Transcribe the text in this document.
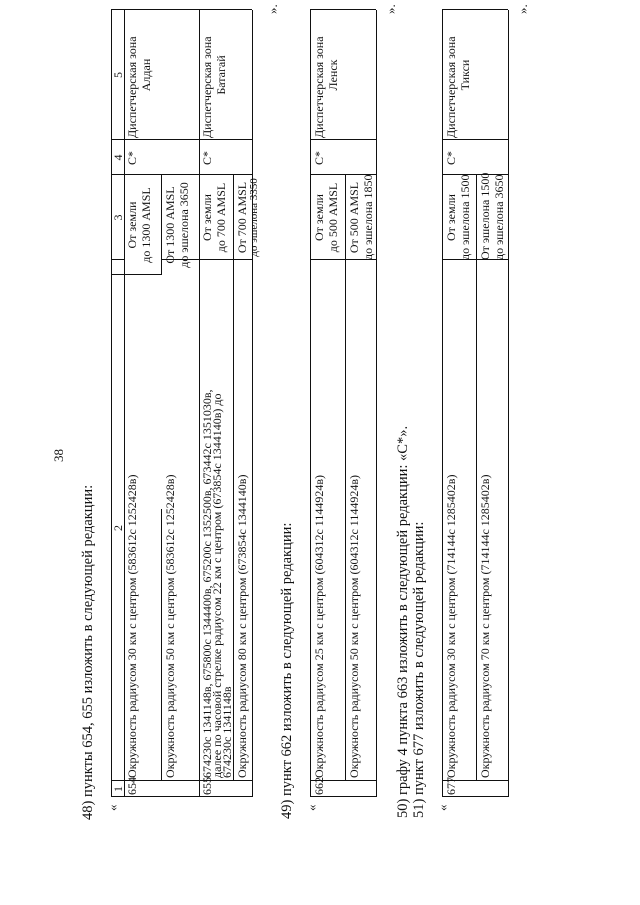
38
48) пункты 654, 655 изложить в следующей редакции: «
1
2
3
4
5
654
Окружность радиусом 30 км с центром (583612с 1252428в)
От земли до 1300 AMSL
Окружность радиусом 50 км с центром (583612с 1252428в)
От 1300 AMSL до эшелона 3650
C*
Диспетчерская зона Алдан
655
674230с 1341148в, 675800с 1344400в, 675200с 1352500в, 673442с 1351030в,
далее по часовой стрелке радиусом 22 км с центром (673854с 1344140в) до
674230с 1341148в
От земли до 700 AMSL
Окружность радиусом 80 км с центром (673854с 1344140в)
От 700 AMSL до эшелона 3350
C*
Диспетчерская зона Батагай
».
49) пункт 662 изложить в следующей редакции: «
662
Окружность радиусом 25 км с центром (604312с 1144924в)
От земли до 500 AMSL
Окружность радиусом 50 км с центром (604312с 1144924в)
От 500 AMSL до эшелона 1850
C*
Диспетчерская зона Ленск
».
50) графу 4 пункта 663 изложить в следующей редакции: «C*». 51) пункт 677 изложить в следующей редакции: «
677
Окружность радиусом 30 км с центром (714144с 1285402в)
От земли до эшелона 1500
Окружность радиусом 70 км с центром (714144с 1285402в)
От эшелона 1500 до эшелона 3650
C*
Диспетчерская зона Тикси
».
